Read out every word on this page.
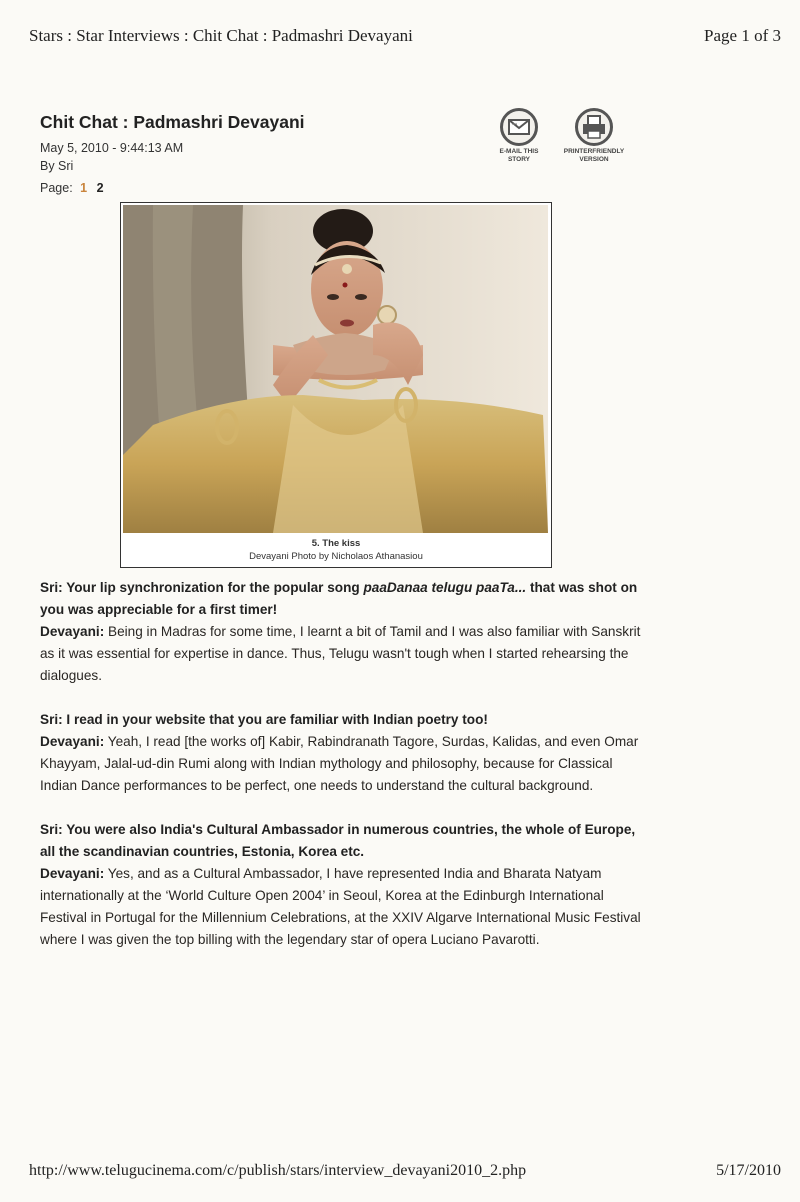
Stars : Star Interviews : Chit Chat : Padmashri Devayani	Page 1 of 3
Chit Chat : Padmashri Devayani
May 5, 2010 - 9:44:13 AM
By Sri
Page: 1 2
E-MAIL THIS
STORY
PRINTERFRIENDLY
VERSION
5. The kiss
Devayani Photo by Nicholaos Athanasiou

Sri: Your lip synchronization for the popular song paaDanaa telugu paaTa... that was shot on you was appreciable for a first timer!
Devayani: Being in Madras for some time, I learnt a bit of Tamil and I was also familiar with Sanskrit as it was essential for expertise in dance. Thus, Telugu wasn't tough when I started rehearsing the dialogues.

Sri: I read in your website that you are familiar with Indian poetry too!
Devayani: Yeah, I read [the works of] Kabir, Rabindranath Tagore, Surdas, Kalidas, and even Omar Khayyam, Jalal-ud-din Rumi along with Indian mythology and philosophy, because for Classical Indian Dance performances to be perfect, one needs to understand the cultural background.

Sri: You were also India's Cultural Ambassador in numerous countries, the whole of Europe, all the scandinavian countries, Estonia, Korea etc.
Devayani: Yes, and as a Cultural Ambassador, I have represented India and Bharata Natyam internationally at the ‘World Culture Open 2004’ in Seoul, Korea at the Edinburgh International Festival in Portugal for the Millennium Celebrations, at the XXIV Algarve International Music Festival where I was given the top billing with the legendary star of opera Luciano Pavarotti.

http://www.telugucinema.com/c/publish/stars/interview_devayani2010_2.php	5/17/2010
